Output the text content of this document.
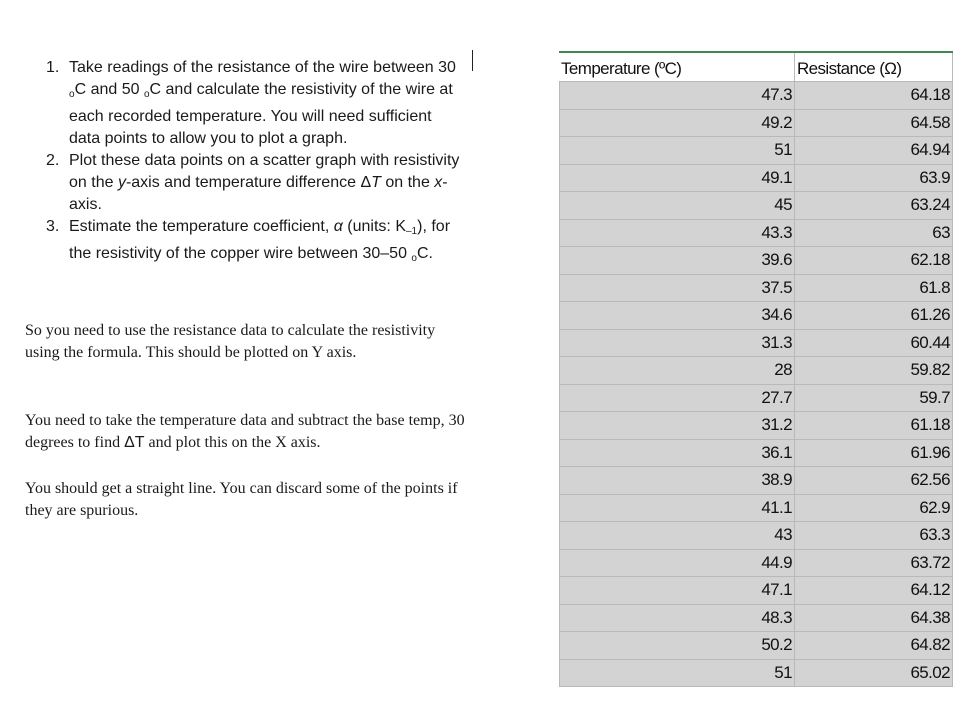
1. Take readings of the resistance of the wire between 30 $_o$C and 50 $_o$C and calculate the resistivity of the wire at each recorded temperature. You will need sufficient data points to allow you to plot a graph.
2. Plot these data points on a scatter graph with resistivity on the y-axis and temperature difference ΔT on the x-axis.
3. Estimate the temperature coefficient, α (units: $K_{-1}$), for the resistivity of the copper wire between 30–50 $_o$C.

So you need to use the resistance data to calculate the resistivity using the formula. This should be plotted on Y axis.

You need to take the temperature data and subtract the base temp, 30 degrees to find ΔT and plot this on the X axis.

You should get a straight line. You can discard some of the points if they are spurious.

Temperature (ºC)	Resistance (Ω)
47.3	64.18
49.2	64.58
51	64.94
49.1	63.9
45	63.24
43.3	63
39.6	62.18
37.5	61.8
34.6	61.26
31.3	60.44
28	59.82
27.7	59.7
31.2	61.18
36.1	61.96
38.9	62.56
41.1	62.9
43	63.3
44.9	63.72
47.1	64.12
48.3	64.38
50.2	64.82
51	65.02
